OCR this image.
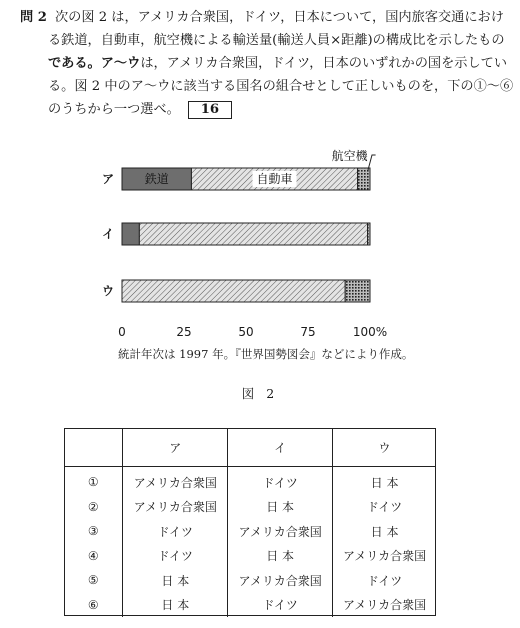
問 2 次の図 2 は，アメリカ合衆国，ドイツ，日本について，国内旅客交通におけ
る鉄道，自動車，航空機による輸送量(輸送人員×距離)の構成比を示したもの
である。ア～ウは，アメリカ合衆国，ドイツ，日本のいずれかの国を示してい
る。図 2 中のア～ウに該当する国名の組合せとして正しいものを，下の①～⑥
のうちから一つ選べ。 16
ア
イ
ウ
鉄道	自動車
航空機
0	25	50	75	100%
統計年次は 1997 年。『世界国勢図会』などにより作成。
図 2
	ア	イ	ウ
①	アメリカ合衆国	ドイツ	日 本
②	アメリカ合衆国	日 本	ドイツ
③	ドイツ	アメリカ合衆国	日 本
④	ドイツ	日 本	アメリカ合衆国
⑤	日 本	アメリカ合衆国	ドイツ
⑥	日 本	ドイツ	アメリカ合衆国
